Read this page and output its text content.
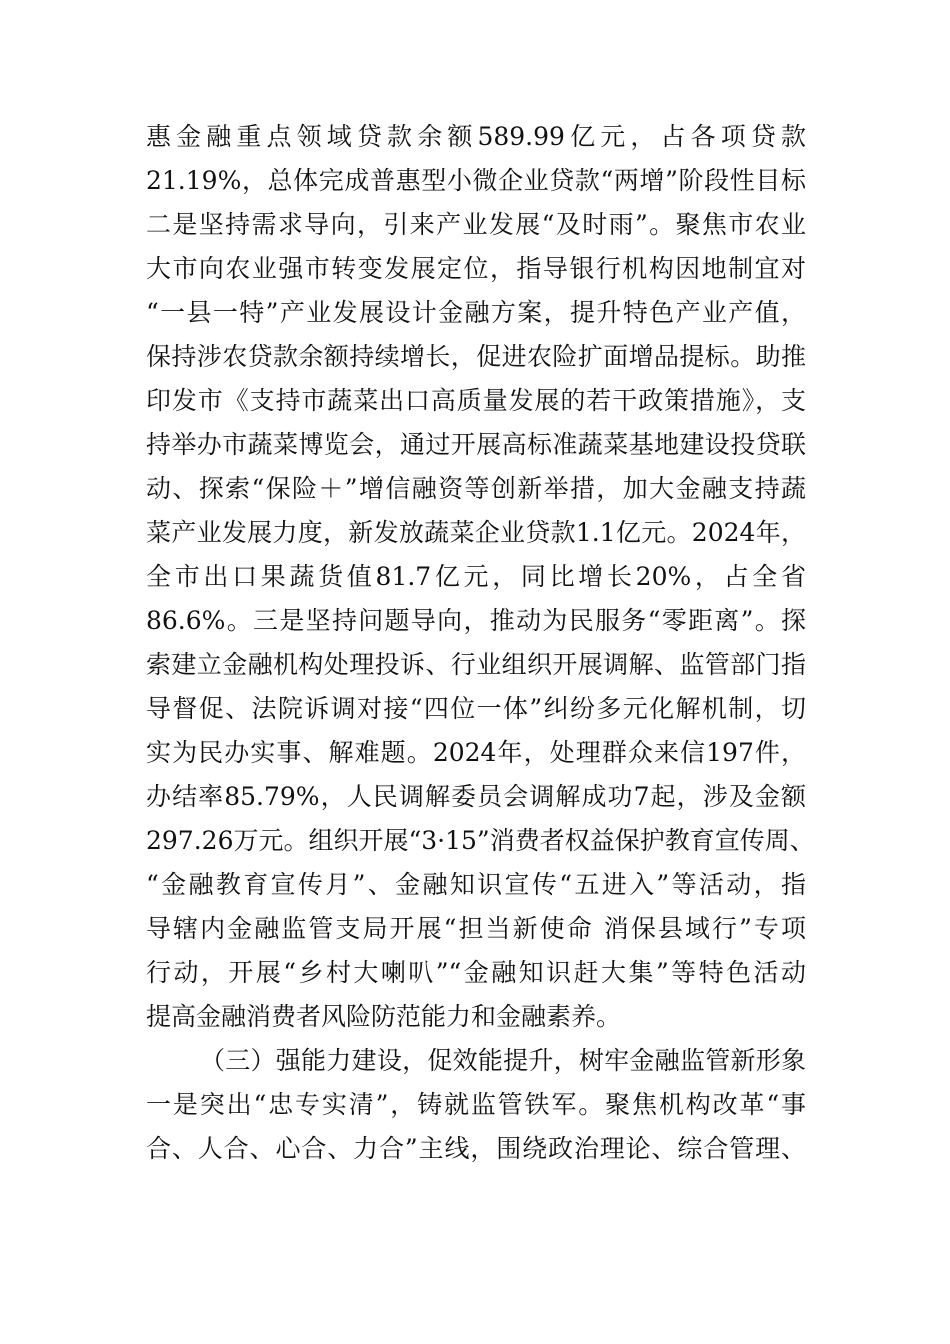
惠金融重点领域贷款余额589.99亿元，占各项贷款
21.19%，总体完成普惠型小微企业贷款“两增”阶段性目标
二是坚持需求导向，引来产业发展“及时雨”。聚焦市农业
大市向农业强市转变发展定位，指导银行机构因地制宜对
“一县一特”产业发展设计金融方案，提升特色产业产值，
保持涉农贷款余额持续增长，促进农险扩面增品提标。助推
印发市《支持市蔬菜出口高质量发展的若干政策措施》，支
持举办市蔬菜博览会，通过开展高标准蔬菜基地建设投贷联
动、探索“保险＋”增信融资等创新举措，加大金融支持蔬
菜产业发展力度，新发放蔬菜企业贷款1.1亿元。2024年，
全市出口果蔬货值81.7亿元，同比增长20%，占全省
86.6%。三是坚持问题导向，推动为民服务“零距离”。探
索建立金融机构处理投诉、行业组织开展调解、监管部门指
导督促、法院诉调对接“四位一体”纠纷多元化解机制，切
实为民办实事、解难题。2024年，处理群众来信197件，
办结率85.79%，人民调解委员会调解成功7起，涉及金额
297.26万元。组织开展“3·15”消费者权益保护教育宣传周、
“金融教育宣传月”、金融知识宣传“五进入”等活动，指
导辖内金融监管支局开展“担当新使命 消保县域行”专项
行动，开展“乡村大喇叭”“金融知识赶大集”等特色活动
提高金融消费者风险防范能力和金融素养。
（三）强能力建设，促效能提升，树牢金融监管新形象
一是突出“忠专实清”，铸就监管铁军。聚焦机构改革“事
合、人合、心合、力合”主线，围绕政治理论、综合管理、
